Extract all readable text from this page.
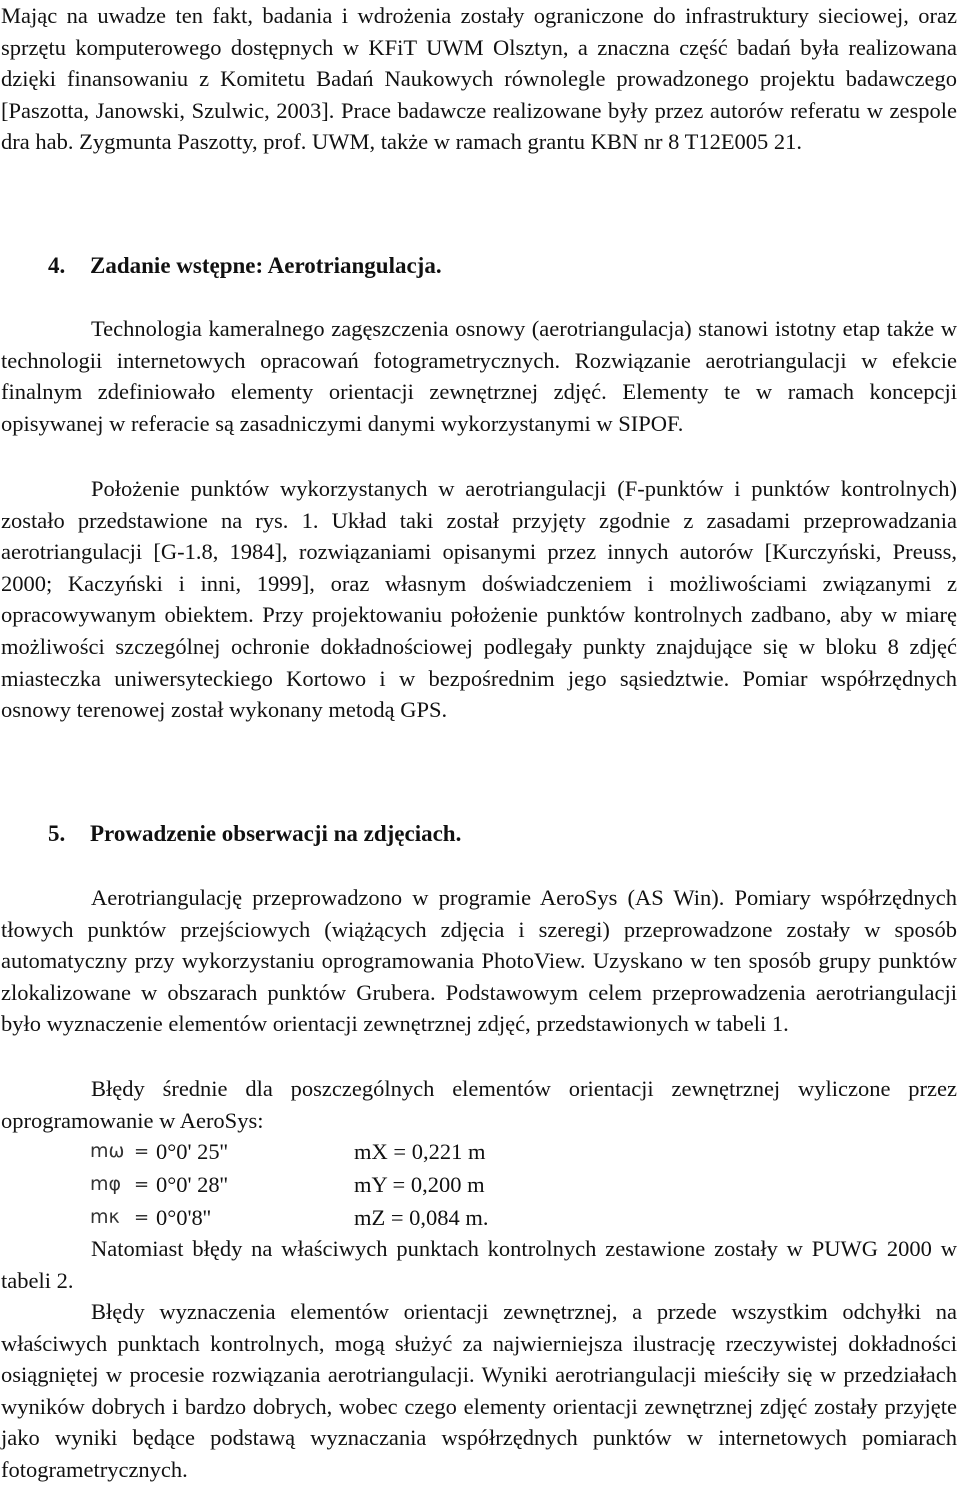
Mając na uwadze ten fakt, badania i wdrożenia zostały ograniczone do infrastruktury sieciowej, oraz sprzętu komputerowego dostępnych w KFiT UWM Olsztyn, a znaczna część badań była realizowana dzięki finansowaniu z Komitetu Badań Naukowych równolegle prowadzonego projektu badawczego [Paszotta, Janowski, Szulwic, 2003]. Prace badawcze realizowane były przez autorów referatu w zespole dra hab. Zygmunta Paszotty, prof. UWM, także w ramach grantu KBN nr 8 T12E005 21.

4. Zadanie wstępne: Aerotriangulacja.

Technologia kameralnego zagęszczenia osnowy (aerotriangulacja) stanowi istotny etap także w technologii internetowych opracowań fotogrametrycznych. Rozwiązanie aerotriangulacji w efekcie finalnym zdefiniowało elementy orientacji zewnętrznej zdjęć. Elementy te w ramach koncepcji opisywanej w referacie są zasadniczymi danymi wykorzystanymi w SIPOF.

Położenie punktów wykorzystanych w aerotriangulacji (F-punktów i punktów kontrolnych) zostało przedstawione na rys. 1. Układ taki został przyjęty zgodnie z zasadami przeprowadzania aerotriangulacji [G-1.8, 1984], rozwiązaniami opisanymi przez innych autorów [Kurczyński, Preuss, 2000; Kaczyński i inni, 1999], oraz własnym doświadczeniem i możliwościami związanymi z opracowywanym obiektem. Przy projektowaniu położenie punktów kontrolnych zadbano, aby w miarę możliwości szczególnej ochronie dokładnościowej podlegały punkty znajdujące się w bloku 8 zdjęć miasteczka uniwersyteckiego Kortowo i w bezpośrednim jego sąsiedztwie. Pomiar współrzędnych osnowy terenowej został wykonany metodą GPS.

5. Prowadzenie obserwacji na zdjęciach.

Aerotriangulację przeprowadzono w programie AeroSys (AS Win). Pomiary współrzędnych tłowych punktów przejściowych (wiążących zdjęcia i szeregi) przeprowadzone zostały w sposób automatyczny przy wykorzystaniu oprogramowania PhotoView. Uzyskano w ten sposób grupy punktów zlokalizowane w obszarach punktów Grubera. Podstawowym celem przeprowadzenia aerotriangulacji było wyznaczenie elementów orientacji zewnętrznej zdjęć, przedstawionych w tabeli 1.

Błędy średnie dla poszczególnych elementów orientacji zewnętrznej wyliczone przez oprogramowanie w AeroSys:

mω = 0°0' 25''	mX = 0,221 m
mφ = 0°0' 28''	mY = 0,200 m
mκ = 0°0'8''	mZ = 0,084 m.

Natomiast błędy na właściwych punktach kontrolnych zestawione zostały w PUWG 2000 w tabeli 2.

Błędy wyznaczenia elementów orientacji zewnętrznej, a przede wszystkim odchyłki na właściwych punktach kontrolnych, mogą służyć za najwierniejsza ilustrację rzeczywistej dokładności osiągniętej w procesie rozwiązania aerotriangulacji. Wyniki aerotriangulacji mieściły się w przedziałach wyników dobrych i bardzo dobrych, wobec czego elementy orientacji zewnętrznej zdjęć zostały przyjęte jako wyniki będące podstawą wyznaczania współrzędnych punktów w internetowych pomiarach fotogrametrycznych.
